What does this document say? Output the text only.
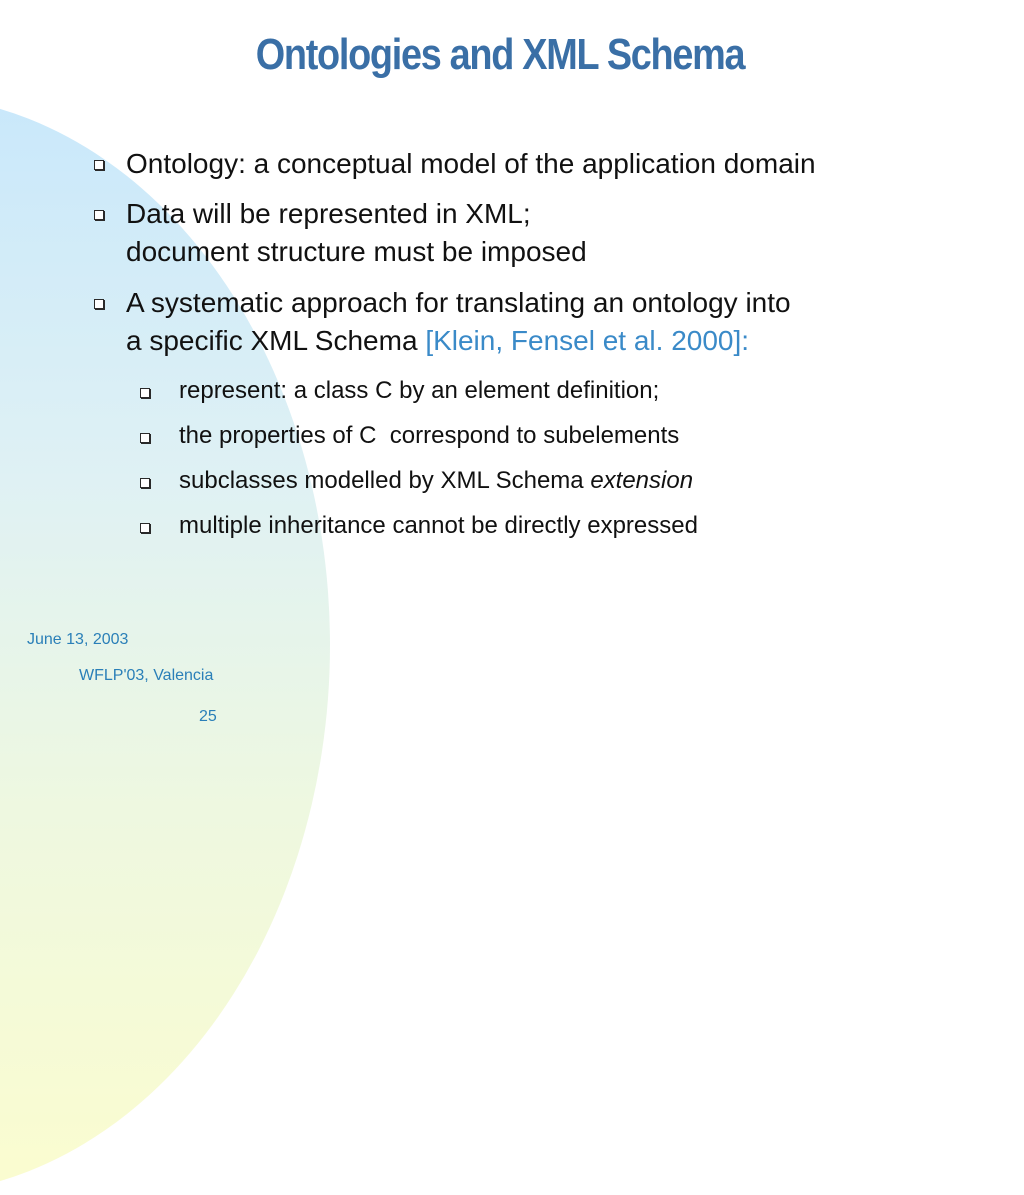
Ontologies and XML Schema
Ontology: a conceptual model of the application domain
Data will be represented in XML;
document structure must be imposed
A systematic approach for translating an ontology into
a specific XML Schema [Klein, Fensel et al. 2000]:
represent: a class C by an element definition;
the properties of C  correspond to subelements
subclasses modelled by XML Schema extension
multiple inheritance cannot be directly expressed
June 13, 2003
WFLP'03, Valencia
25
